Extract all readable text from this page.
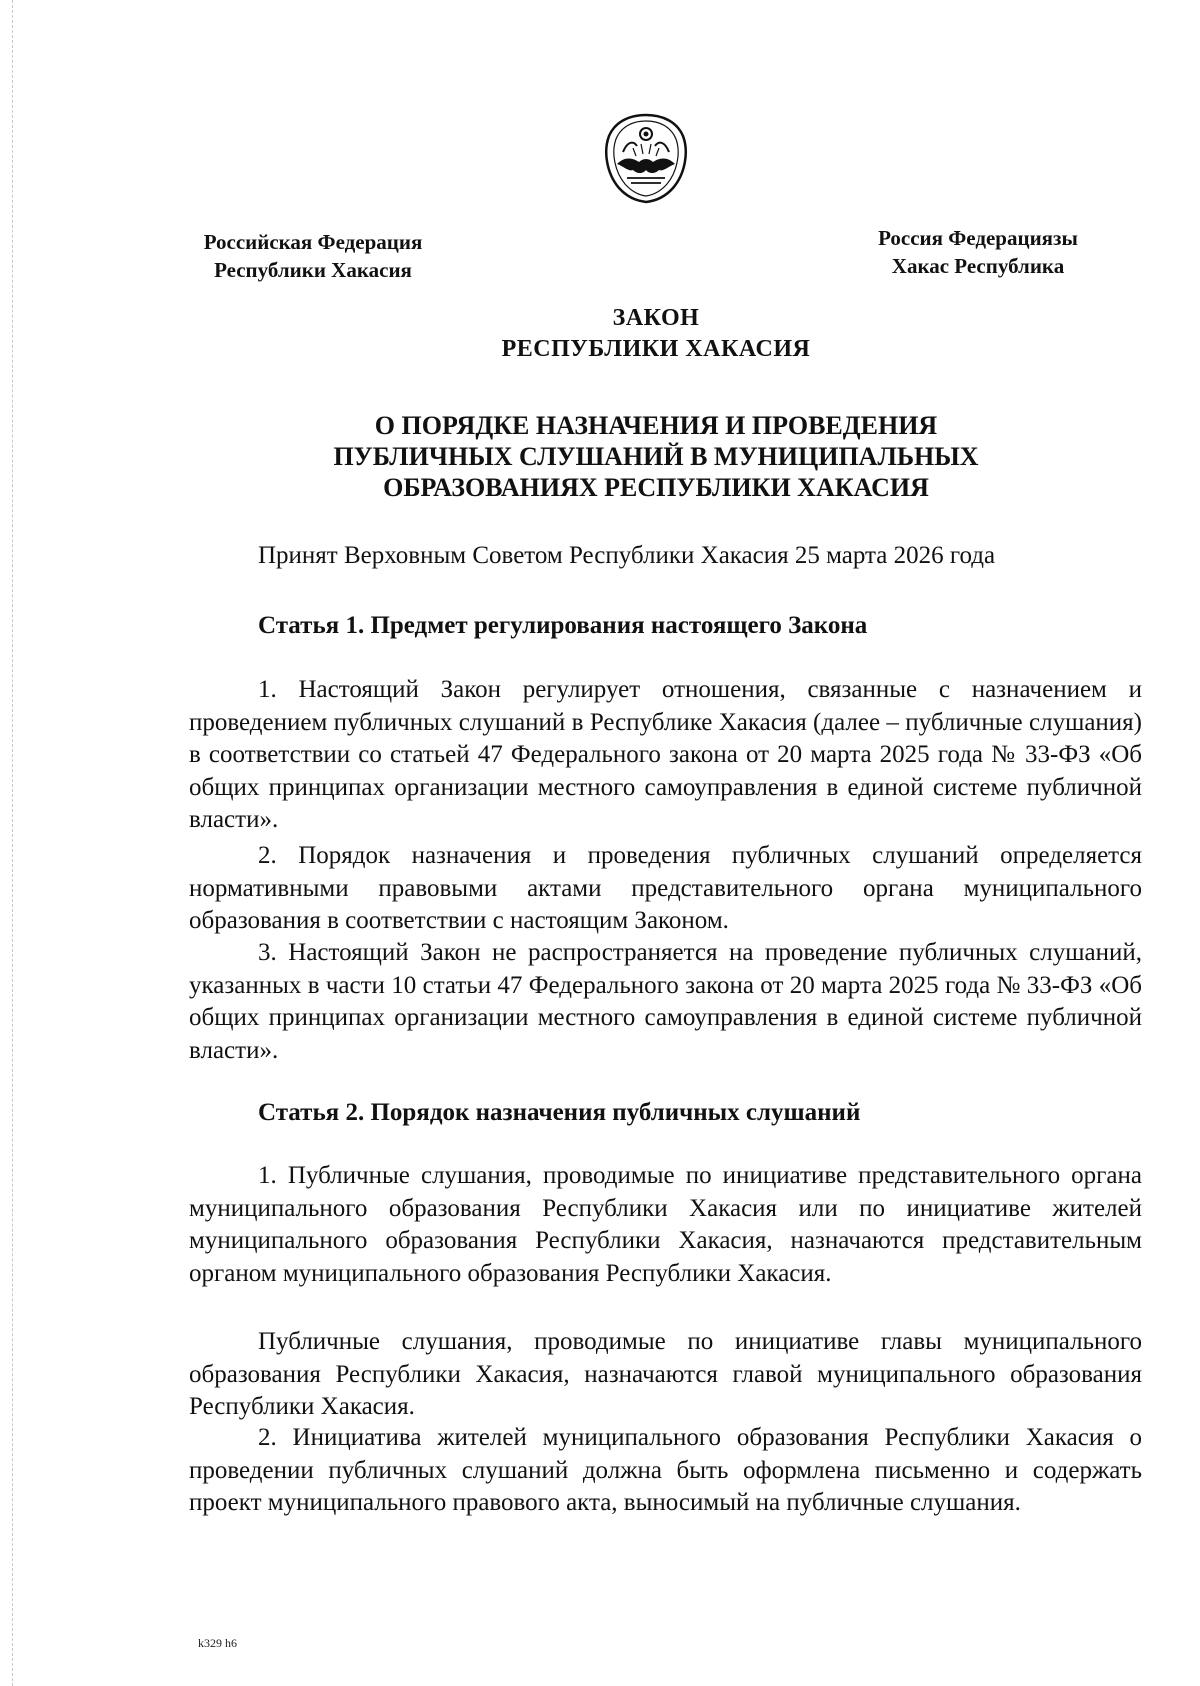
Российская Федерация
Республики Хакасия
Россия Федерациязы
Хакас Республика
ЗАКОН
РЕСПУБЛИКИ ХАКАСИЯ
О ПОРЯДКЕ НАЗНАЧЕНИЯ И ПРОВЕДЕНИЯ
ПУБЛИЧНЫХ СЛУШАНИЙ В МУНИЦИПАЛЬНЫХ
ОБРАЗОВАНИЯХ РЕСПУБЛИКИ ХАКАСИЯ
Принят Верховным Советом Республики Хакасия 25 марта 2026 года
Статья 1. Предмет регулирования настоящего Закона
1. Настоящий Закон регулирует отношения, связанные с назначением и проведением публичных слушаний в Республике Хакасия (далее – публичные слушания) в соответствии со статьей 47 Федерального закона от 20 марта 2025 года № 33-ФЗ «Об общих принципах организации местного самоуправления в единой системе публичной власти».
2. Порядок назначения и проведения публичных слушаний определяется нормативными правовыми актами представительного органа муниципального образования в соответствии с настоящим Законом.
3. Настоящий Закон не распространяется на проведение публичных слушаний, указанных в части 10 статьи 47 Федерального закона от 20 марта 2025 года № 33-ФЗ «Об общих принципах организации местного самоуправления в единой системе публичной власти».
Статья 2. Порядок назначения публичных слушаний
1. Публичные слушания, проводимые по инициативе представительного органа муниципального образования Республики Хакасия или по инициативе жителей муниципального образования Республики Хакасия, назначаются представительным органом муниципального образования Республики Хакасия.
Публичные слушания, проводимые по инициативе главы муниципального образования Республики Хакасия, назначаются главой муниципального образования Республики Хакасия.
2. Инициатива жителей муниципального образования Республики Хакасия о проведении публичных слушаний должна быть оформлена письменно и содержать проект муниципального правового акта, выносимый на публичные слушания.
k329 h6
